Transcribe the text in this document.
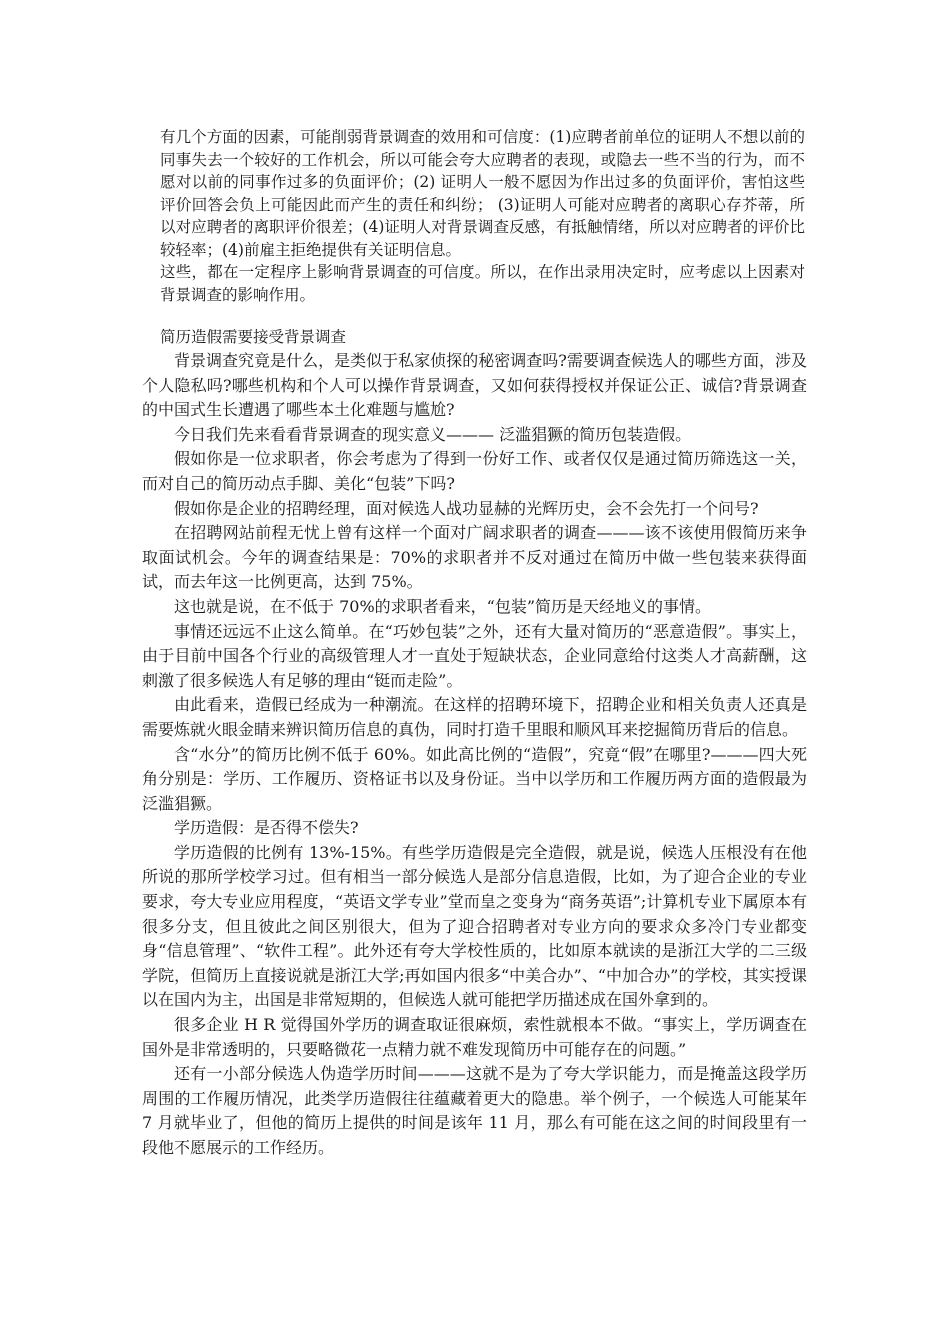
有几个方面的因素，可能削弱背景调查的效用和可信度：(1)应聘者前单位的证明人不想以前的同事失去一个较好的工作机会，所以可能会夸大应聘者的表现，或隐去一些不当的行为，而不愿对以前的同事作过多的负面评价；(2) 证明人一般不愿因为作出过多的负面评价，害怕这些评价回答会负上可能因此而产生的责任和纠纷； (3)证明人可能对应聘者的离职心存芥蒂，所以对应聘者的离职评价很差；(4)证明人对背景调查反感，有抵触情绪，所以对应聘者的评价比较轻率；(4)前雇主拒绝提供有关证明信息。

这些，都在一定程序上影响背景调查的可信度。所以，在作出录用决定时，应考虑以上因素对背景调查的影响作用。

简历造假需要接受背景调查

背景调查究竟是什么，是类似于私家侦探的秘密调查吗?需要调查候选人的哪些方面，涉及个人隐私吗?哪些机构和个人可以操作背景调查，又如何获得授权并保证公正、诚信?背景调查的中国式生长遭遇了哪些本土化难题与尴尬?

今日我们先来看看背景调查的现实意义——— 泛滥猖獗的简历包装造假。

假如你是一位求职者，你会考虑为了得到一份好工作、或者仅仅是通过简历筛选这一关，而对自己的简历动点手脚、美化“包装”下吗?

假如你是企业的招聘经理，面对候选人战功显赫的光辉历史，会不会先打一个问号?

在招聘网站前程无忧上曾有这样一个面对广阔求职者的调查———该不该使用假简历来争取面试机会。今年的调查结果是：70%的求职者并不反对通过在简历中做一些包装来获得面试，而去年这一比例更高，达到 75%。

这也就是说，在不低于 70%的求职者看来，“包装”简历是天经地义的事情。

事情还远远不止这么简单。在“巧妙包装”之外，还有大量对简历的“恶意造假”。事实上，由于目前中国各个行业的高级管理人才一直处于短缺状态，企业同意给付这类人才高薪酬，这刺激了很多候选人有足够的理由“铤而走险”。

由此看来，造假已经成为一种潮流。在这样的招聘环境下，招聘企业和相关负责人还真是需要炼就火眼金睛来辨识简历信息的真伪，同时打造千里眼和顺风耳来挖掘简历背后的信息。

含“水分”的简历比例不低于 60%。如此高比例的“造假”，究竟“假”在哪里?———四大死角分别是：学历、工作履历、资格证书以及身份证。当中以学历和工作履历两方面的造假最为泛滥猖獗。

学历造假：是否得不偿失?

学历造假的比例有 13%-15%。有些学历造假是完全造假，就是说，候选人压根没有在他所说的那所学校学习过。但有相当一部分候选人是部分信息造假，比如，为了迎合企业的专业要求，夸大专业应用程度，“英语文学专业”堂而皇之变身为“商务英语”;计算机专业下属原本有很多分支，但且彼此之间区别很大，但为了迎合招聘者对专业方向的要求众多冷门专业都变身“信息管理”、“软件工程”。此外还有夸大学校性质的，比如原本就读的是浙江大学的二三级学院，但简历上直接说就是浙江大学;再如国内很多“中美合办”、“中加合办”的学校，其实授课以在国内为主，出国是非常短期的，但候选人就可能把学历描述成在国外拿到的。

很多企业 H R 觉得国外学历的调查取证很麻烦，索性就根本不做。“事实上，学历调查在国外是非常透明的，只要略微花一点精力就不难发现简历中可能存在的问题。”

还有一小部分候选人伪造学历时间———这就不是为了夸大学识能力，而是掩盖这段学历周围的工作履历情况，此类学历造假往往蕴藏着更大的隐患。举个例子，一个候选人可能某年 7 月就毕业了，但他的简历上提供的时间是该年 11 月，那么有可能在这之间的时间段里有一段他不愿展示的工作经历。
